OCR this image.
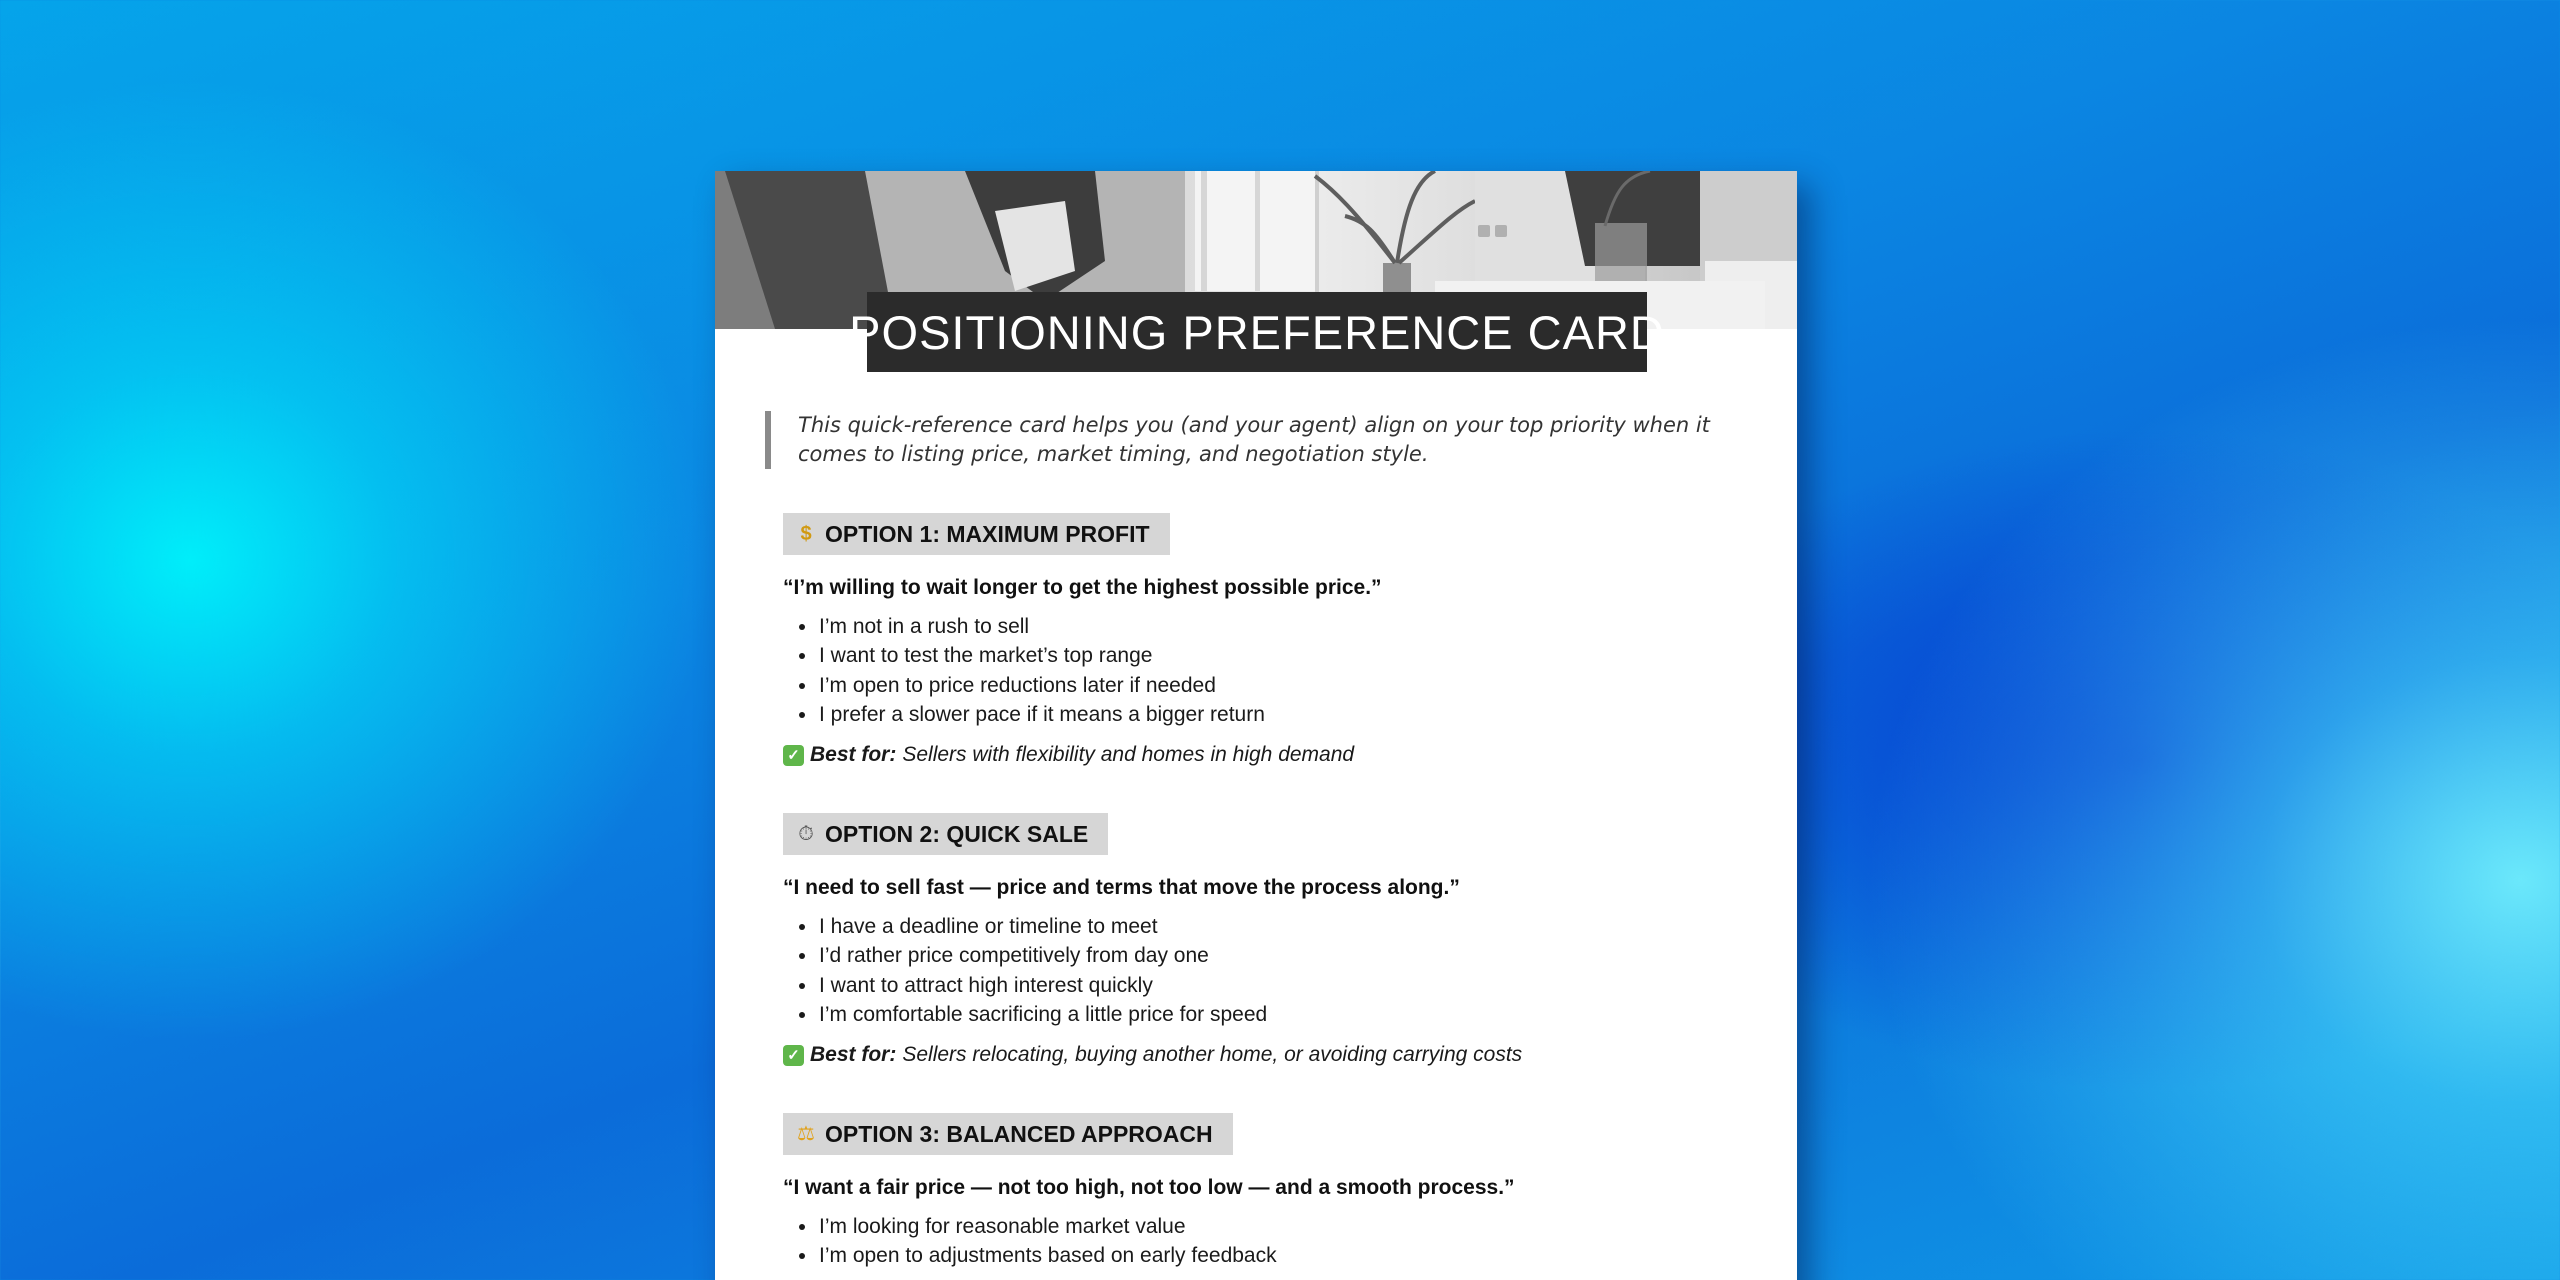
POSITIONING PREFERENCE CARD

This quick-reference card helps you (and your agent) align on your top priority when it comes to listing price, market timing, and negotiation style.

$ OPTION 1: MAXIMUM PROFIT
“I’m willing to wait longer to get the highest possible price.”
I’m not in a rush to sell
I want to test the market’s top range
I’m open to price reductions later if needed
I prefer a slower pace if it means a bigger return
✓ Best for: Sellers with flexibility and homes in high demand
⏱ OPTION 2: QUICK SALE
“I need to sell fast — price and terms that move the process along.”
I have a deadline or timeline to meet
I’d rather price competitively from day one
I want to attract high interest quickly
I’m comfortable sacrificing a little price for speed
✓ Best for: Sellers relocating, buying another home, or avoiding carrying costs
⚖ OPTION 3: BALANCED APPROACH
“I want a fair price — not too high, not too low — and a smooth process.”
I’m looking for reasonable market value
I’m open to adjustments based on early feedback
